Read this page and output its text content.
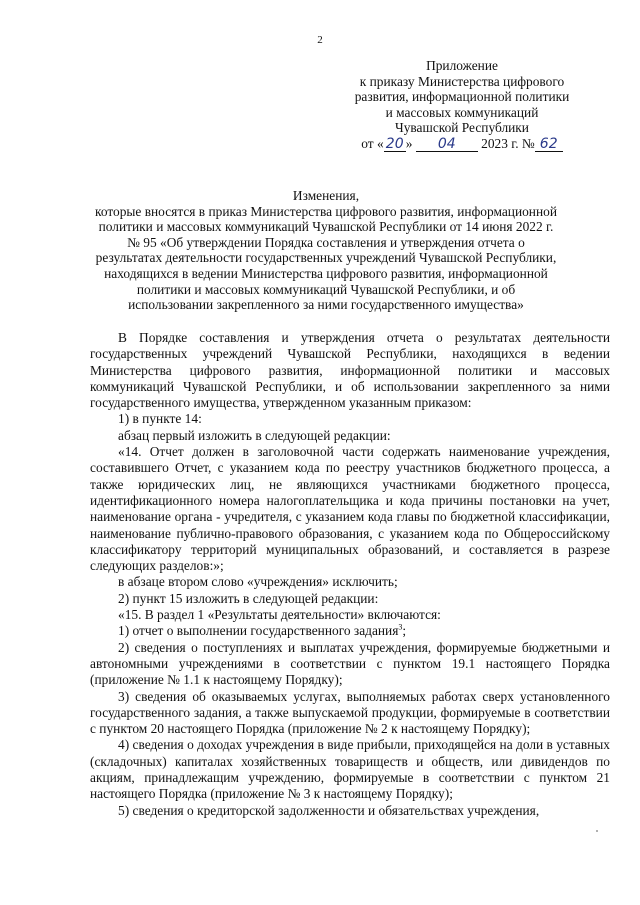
2
Приложение
к приказу Министерства цифрового
развития, информационной политики
и массовых коммуникаций
Чувашской Республики
от « 20 » 04 2023 г. № 62
Изменения,
которые вносятся в приказ Министерства цифрового развития, информационной политики и массовых коммуникаций Чувашской Республики от 14 июня 2022 г. № 95 «Об утверждении Порядка составления и утверждения отчета о результатах деятельности государственных учреждений Чувашской Республики, находящихся в ведении Министерства цифрового развития, информационной политики и массовых коммуникаций Чувашской Республики, и об использовании закрепленного за ними государственного имущества»

В Порядке составления и утверждения отчета о результатах деятельности государственных учреждений Чувашской Республики, находящихся в ведении Министерства цифрового развития, информационной политики и массовых коммуникаций Чувашской Республики, и об использовании закрепленного за ними государственного имущества, утвержденном указанным приказом:

1) в пункте 14:

абзац первый изложить в следующей редакции:

«14. Отчет должен в заголовочной части содержать наименование учреждения, составившего Отчет, с указанием кода по реестру участников бюджетного процесса, а также юридических лиц, не являющихся участниками бюджетного процесса, идентификационного номера налогоплательщика и кода причины постановки на учет, наименование органа - учредителя, с указанием кода главы по бюджетной классификации, наименование публично-правового образования, с указанием кода по Общероссийскому классификатору территорий муниципальных образований, и составляется в разрезе следующих разделов:»;

в абзаце втором слово «учреждения» исключить;

2) пункт 15 изложить в следующей редакции:

«15. В раздел 1 «Результаты деятельности» включаются:

1) отчет о выполнении государственного задания$^3$;

2) сведения о поступлениях и выплатах учреждения, формируемые бюджетными и автономными учреждениями в соответствии с пунктом 19.1 настоящего Порядка (приложение № 1.1 к настоящему Порядку);

3) сведения об оказываемых услугах, выполняемых работах сверх установленного государственного задания, а также выпускаемой продукции, формируемые в соответствии с пунктом 20 настоящего Порядка (приложение № 2 к настоящему Порядку);

4) сведения о доходах учреждения в виде прибыли, приходящейся на доли в уставных (складочных) капиталах хозяйственных товариществ и обществ, или дивидендов по акциям, принадлежащим учреждению, формируемые в соответствии с пунктом 21 настоящего Порядка (приложение № 3 к настоящему Порядку);

5) сведения о кредиторской задолженности и обязательствах учреждения,
